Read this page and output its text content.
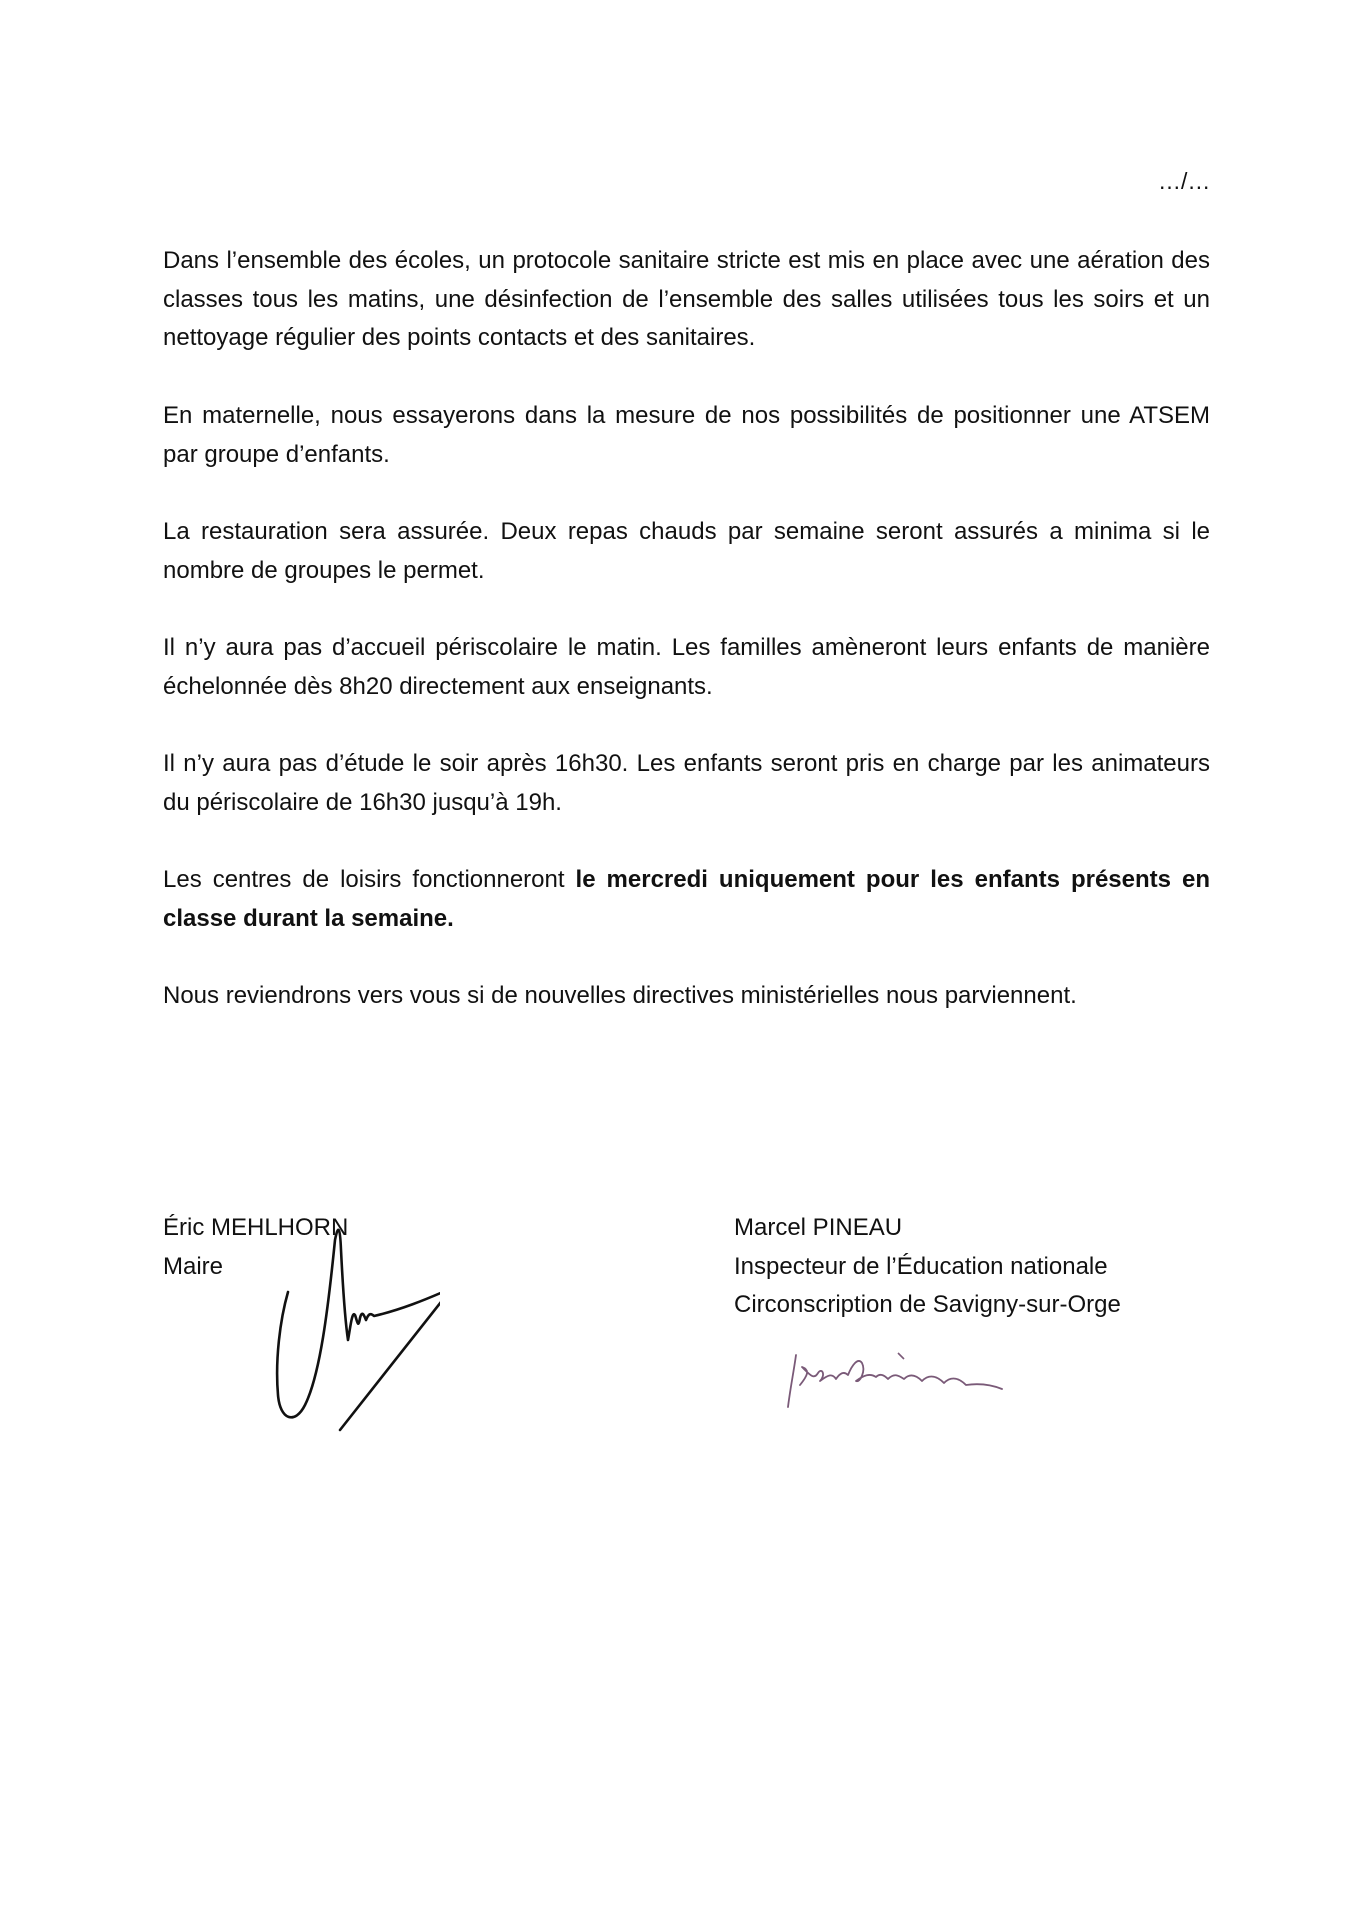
…/…

Dans l’ensemble des écoles, un protocole sanitaire stricte est mis en place avec une aération des classes tous les matins, une désinfection de l’ensemble des salles utilisées tous les soirs et un nettoyage régulier des points contacts et des sanitaires.

En maternelle, nous essayerons dans la mesure de nos possibilités de positionner une ATSEM par groupe d’enfants.

La restauration sera assurée. Deux repas chauds par semaine seront assurés a minima si le nombre de groupes le permet.

Il n’y aura pas d’accueil périscolaire le matin. Les familles amèneront leurs enfants de manière échelonnée dès 8h20 directement aux enseignants.

Il n’y aura pas d’étude le soir après 16h30. Les enfants seront pris en charge par les animateurs du périscolaire de 16h30 jusqu’à 19h.

Les centres de loisirs fonctionneront le mercredi uniquement pour les enfants présents en classe durant la semaine.

Nous reviendrons vers vous si de nouvelles directives ministérielles nous parviennent.

Éric MEHLHORN
Maire
Marcel PINEAU
Inspecteur de l’Éducation nationale
Circonscription de Savigny-sur-Orge
